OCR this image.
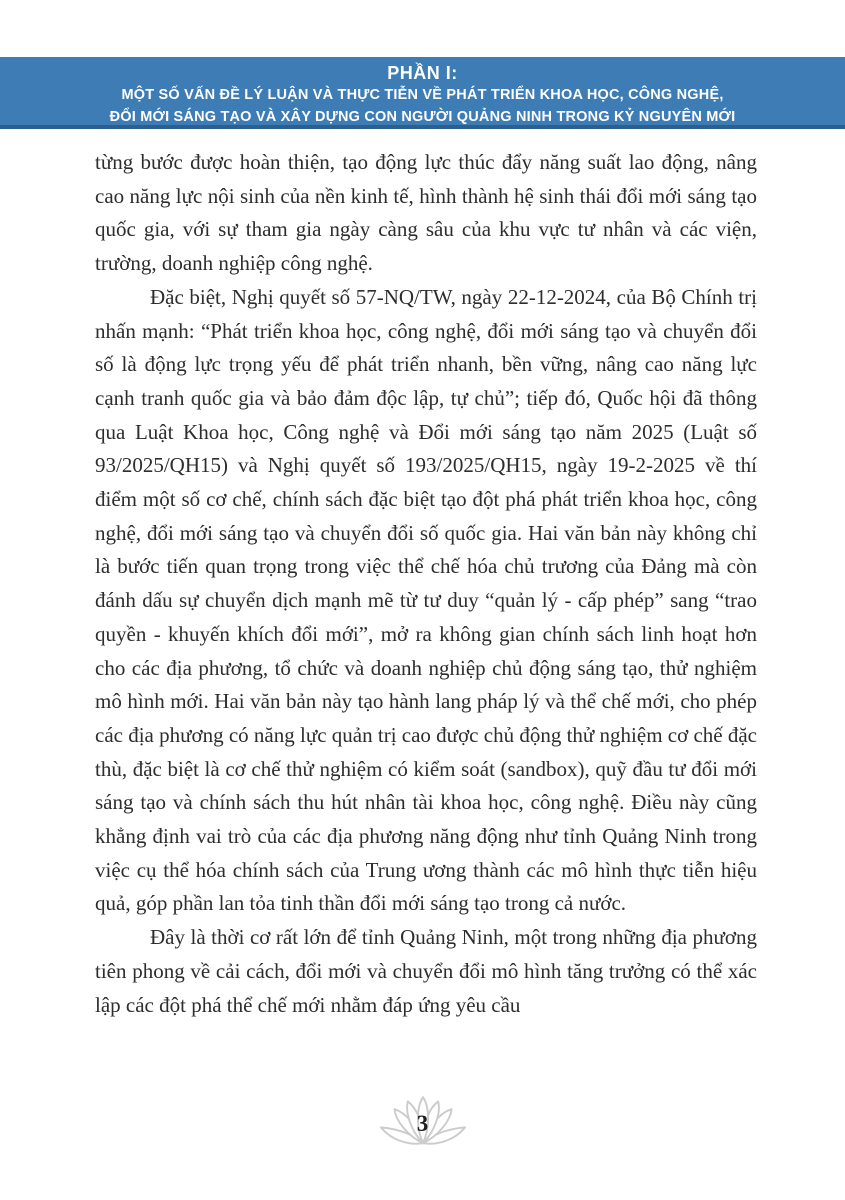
PHẦN I:
MỘT SỐ VẤN ĐỀ LÝ LUẬN VÀ THỰC TIỄN VỀ PHÁT TRIỂN KHOA HỌC, CÔNG NGHỆ,
ĐỔI MỚI SÁNG TẠO VÀ XÂY DỰNG CON NGƯỜI QUẢNG NINH TRONG KỶ NGUYÊN MỚI

từng bước được hoàn thiện, tạo động lực thúc đẩy năng suất lao động, nâng cao năng lực nội sinh của nền kinh tế, hình thành hệ sinh thái đổi mới sáng tạo quốc gia, với sự tham gia ngày càng sâu của khu vực tư nhân và các viện, trường, doanh nghiệp công nghệ.

Đặc biệt, Nghị quyết số 57-NQ/TW, ngày 22-12-2024, của Bộ Chính trị nhấn mạnh: “Phát triển khoa học, công nghệ, đổi mới sáng tạo và chuyển đổi số là động lực trọng yếu để phát triển nhanh, bền vững, nâng cao năng lực cạnh tranh quốc gia và bảo đảm độc lập, tự chủ”; tiếp đó, Quốc hội đã thông qua Luật Khoa học, Công nghệ và Đổi mới sáng tạo năm 2025 (Luật số 93/2025/QH15) và Nghị quyết số 193/2025/QH15, ngày 19-2-2025 về thí điểm một số cơ chế, chính sách đặc biệt tạo đột phá phát triển khoa học, công nghệ, đổi mới sáng tạo và chuyển đổi số quốc gia. Hai văn bản này không chỉ là bước tiến quan trọng trong việc thể chế hóa chủ trương của Đảng mà còn đánh dấu sự chuyển dịch mạnh mẽ từ tư duy “quản lý - cấp phép” sang “trao quyền - khuyến khích đổi mới”, mở ra không gian chính sách linh hoạt hơn cho các địa phương, tổ chức và doanh nghiệp chủ động sáng tạo, thử nghiệm mô hình mới. Hai văn bản này tạo hành lang pháp lý và thể chế mới, cho phép các địa phương có năng lực quản trị cao được chủ động thử nghiệm cơ chế đặc thù, đặc biệt là cơ chế thử nghiệm có kiểm soát (sandbox), quỹ đầu tư đổi mới sáng tạo và chính sách thu hút nhân tài khoa học, công nghệ. Điều này cũng khẳng định vai trò của các địa phương năng động như tỉnh Quảng Ninh trong việc cụ thể hóa chính sách của Trung ương thành các mô hình thực tiễn hiệu quả, góp phần lan tỏa tinh thần đổi mới sáng tạo trong cả nước.

Đây là thời cơ rất lớn để tỉnh Quảng Ninh, một trong những địa phương tiên phong về cải cách, đổi mới và chuyển đổi mô hình tăng trưởng có thể xác lập các đột phá thể chế mới nhằm đáp ứng yêu cầu

3
